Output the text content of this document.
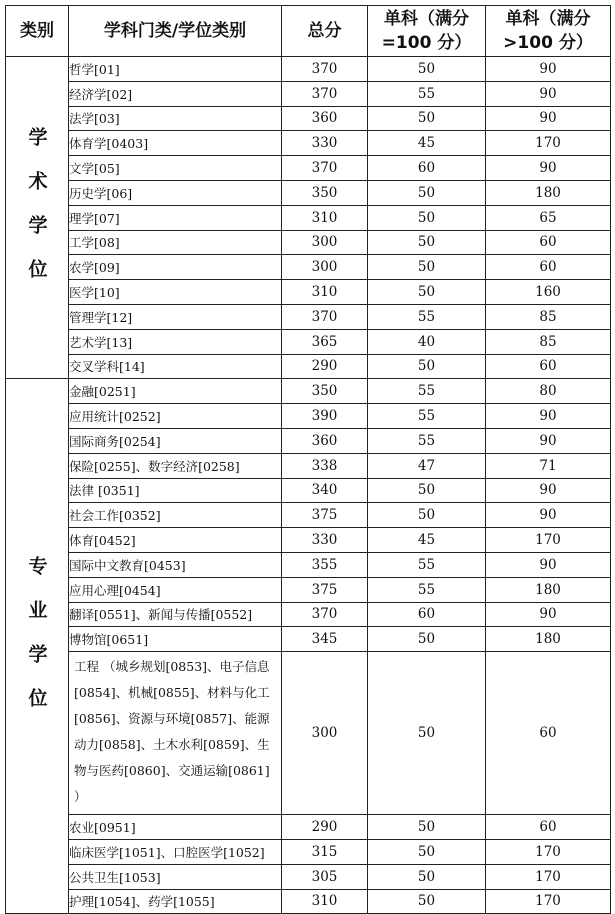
类别	学科门类/学位类别	总分	单科（满分=100 分）	单科（满分>100 分）
学术学位	哲学[01]	370	50	90
	经济学[02]	370	55	90
	法学[03]	360	50	90
	体育学[0403]	330	45	170
	文学[05]	370	60	90
	历史学[06]	350	50	180
	理学[07]	310	50	65
	工学[08]	300	50	60
	农学[09]	300	50	60
	医学[10]	310	50	160
	管理学[12]	370	55	85
	艺术学[13]	365	40	85
	交叉学科[14]	290	50	60
专业学位	金融[0251]	350	55	80
	应用统计[0252]	390	55	90
	国际商务[0254]	360	55	90
	保险[0255]、数字经济[0258]	338	47	71
	法律 [0351]	340	50	90
	社会工作[0352]	375	50	90
	体育[0452]	330	45	170
	国际中文教育[0453]	355	55	90
	应用心理[0454]	375	55	180
	翻译[0551]、新闻与传播[0552]	370	60	90
	博物馆[0651]	345	50	180
	工程 （城乡规划[0853]、电子信息[0854]、机械[0855]、材料与化工[0856]、资源与环境[0857]、能源动力[0858]、土木水利[0859]、生物与医药[0860]、交通运输[0861] ）	300	50	60
	农业[0951]	290	50	60
	临床医学[1051]、口腔医学[1052]	315	50	170
	公共卫生[1053]	305	50	170
	护理[1054]、药学[1055]	310	50	170
